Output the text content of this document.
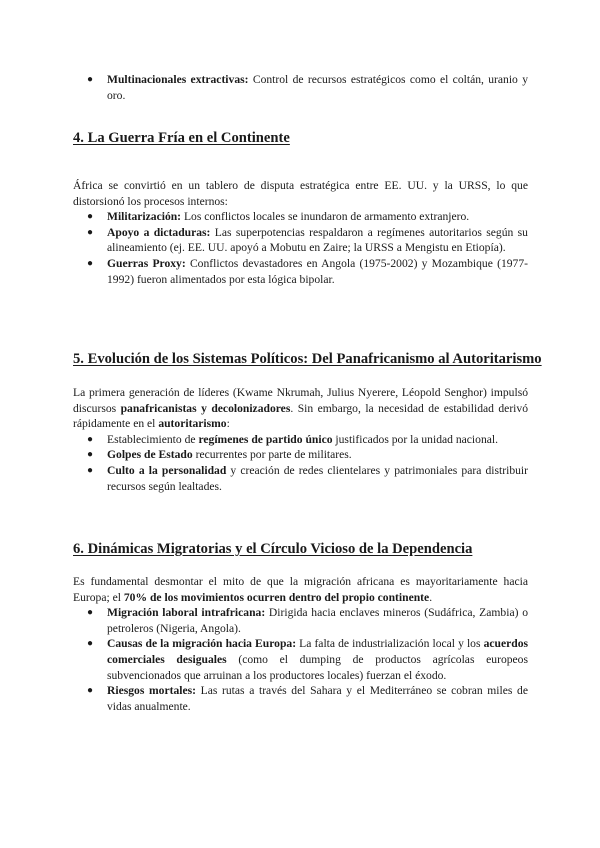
● Multinacionales extractivas: Control de recursos estratégicos como el coltán, uranio y oro.
4. La Guerra Fría en el Continente

África se convirtió en un tablero de disputa estratégica entre EE. UU. y la URSS, lo que distorsionó los procesos internos:

● Militarización: Los conflictos locales se inundaron de armamento extranjero.
● Apoyo a dictaduras: Las superpotencias respaldaron a regímenes autoritarios según su alineamiento (ej. EE. UU. apoyó a Mobutu en Zaire; la URSS a Mengistu en Etiopía).
● Guerras Proxy: Conflictos devastadores en Angola (1975-2002) y Mozambique (1977-1992) fueron alimentados por esta lógica bipolar.
5. Evolución de los Sistemas Políticos: Del Panafricanismo al Autoritarismo

La primera generación de líderes (Kwame Nkrumah, Julius Nyerere, Léopold Senghor) impulsó discursos panafricanistas y decolonizadores. Sin embargo, la necesidad de estabilidad derivó rápidamente en el autoritarismo:

● Establecimiento de regímenes de partido único justificados por la unidad nacional.
● Golpes de Estado recurrentes por parte de militares.
● Culto a la personalidad y creación de redes clientelares y patrimoniales para distribuir recursos según lealtades.
6. Dinámicas Migratorias y el Círculo Vicioso de la Dependencia

Es fundamental desmontar el mito de que la migración africana es mayoritariamente hacia Europa; el 70% de los movimientos ocurren dentro del propio continente.

● Migración laboral intrafricana: Dirigida hacia enclaves mineros (Sudáfrica, Zambia) o petroleros (Nigeria, Angola).
● Causas de la migración hacia Europa: La falta de industrialización local y los acuerdos comerciales desiguales (como el dumping de productos agrícolas europeos subvencionados que arruinan a los productores locales) fuerzan el éxodo.
● Riesgos mortales: Las rutas a través del Sahara y el Mediterráneo se cobran miles de vidas anualmente.
